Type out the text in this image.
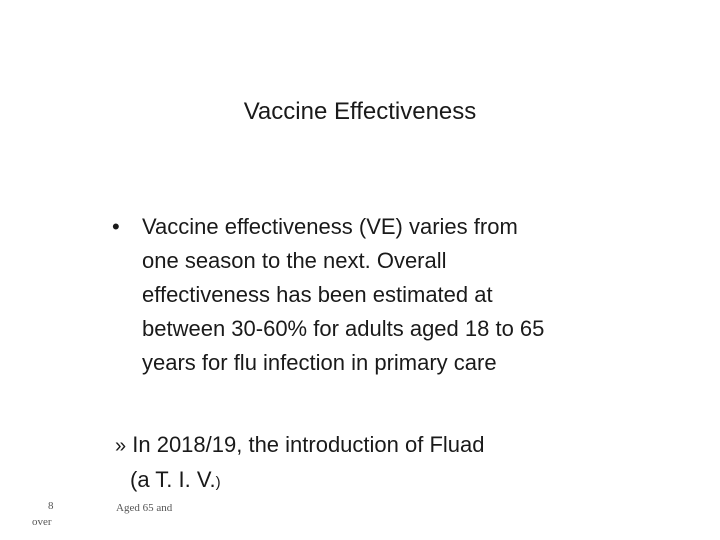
Vaccine Effectiveness
• Vaccine effectiveness (VE) varies from
one season to the next. Overall
effectiveness has been estimated at
between 30-60% for adults aged 18 to 65
years for flu infection in primary care
» In 2018/19, the introduction of Fluad
(a T. I. V.)
8
over
Aged 65 and
